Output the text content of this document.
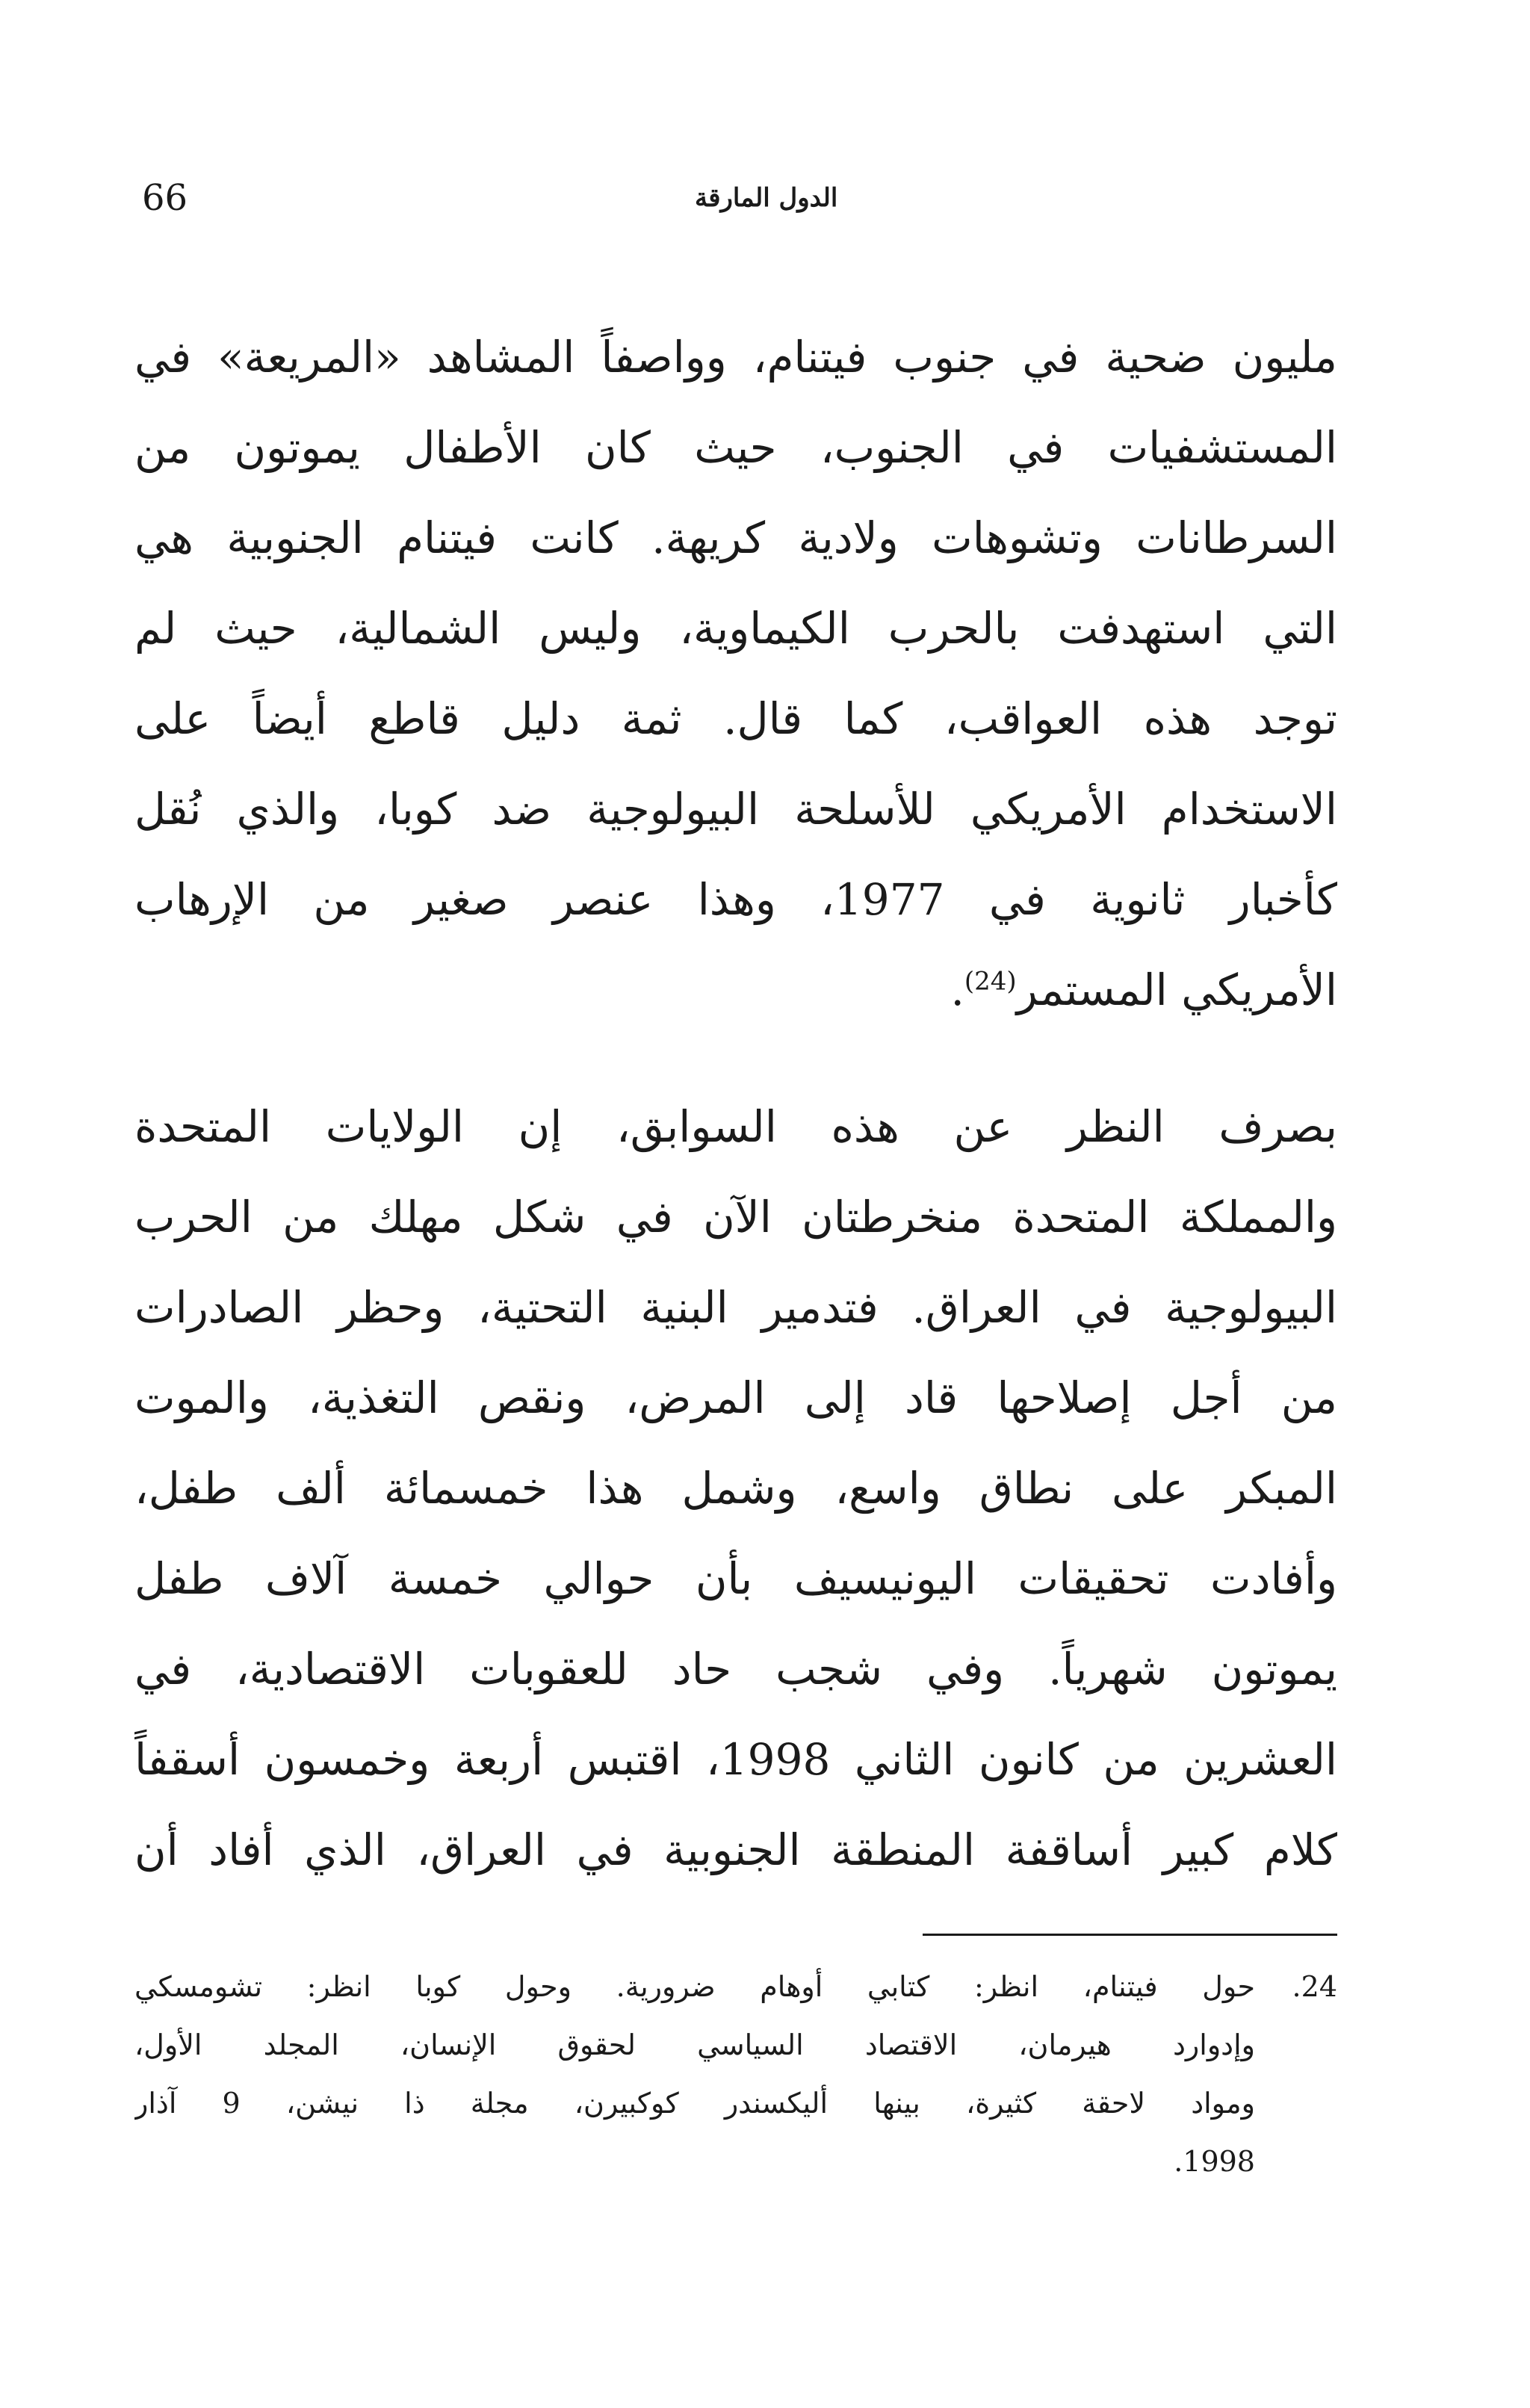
66	الدول المارقة
مليون ضحية في جنوب فيتنام، وواصفاً المشاهد «المريعة» في
المستشفيات في الجنوب، حيث كان الأطفال يموتون من
السرطانات وتشوهات ولادية كريهة. كانت فيتنام الجنوبية هي
التي استهدفت بالحرب الكيماوية، وليس الشمالية، حيث لم
توجد هذه العواقب، كما قال. ثمة دليل قاطع أيضاً على
الاستخدام الأمريكي للأسلحة البيولوجية ضد كوبا، والذي نُقل
كأخبار ثانوية في 1977، وهذا عنصر صغير من الإرهاب
الأمريكي المستمر$^{(24)}$.
بصرف النظر عن هذه السوابق، إن الولايات المتحدة
والمملكة المتحدة منخرطتان الآن في شكل مهلك من الحرب
البيولوجية في العراق. فتدمير البنية التحتية، وحظر الصادرات
من أجل إصلاحها قاد إلى المرض، ونقص التغذية، والموت
المبكر على نطاق واسع، وشمل هذا خمسمائة ألف طفل،
وأفادت تحقيقات اليونيسيف بأن حوالي خمسة آلاف طفل
يموتون شهرياً. وفي شجب حاد للعقوبات الاقتصادية، في
العشرين من كانون الثاني 1998، اقتبس أربعة وخمسون أسقفاً
كلام كبير أساقفة المنطقة الجنوبية في العراق، الذي أفاد أن
24.حول فيتنام، انظر: كتابي أوهام ضرورية. وحول كوبا انظر: تشومسكي
وإدوارد هيرمان، الاقتصاد السياسي لحقوق الإنسان، المجلد الأول،
ومواد لاحقة كثيرة، بينها أليكسندر كوكبيرن، مجلة ذا نيشن، 9 آذار
1998.
